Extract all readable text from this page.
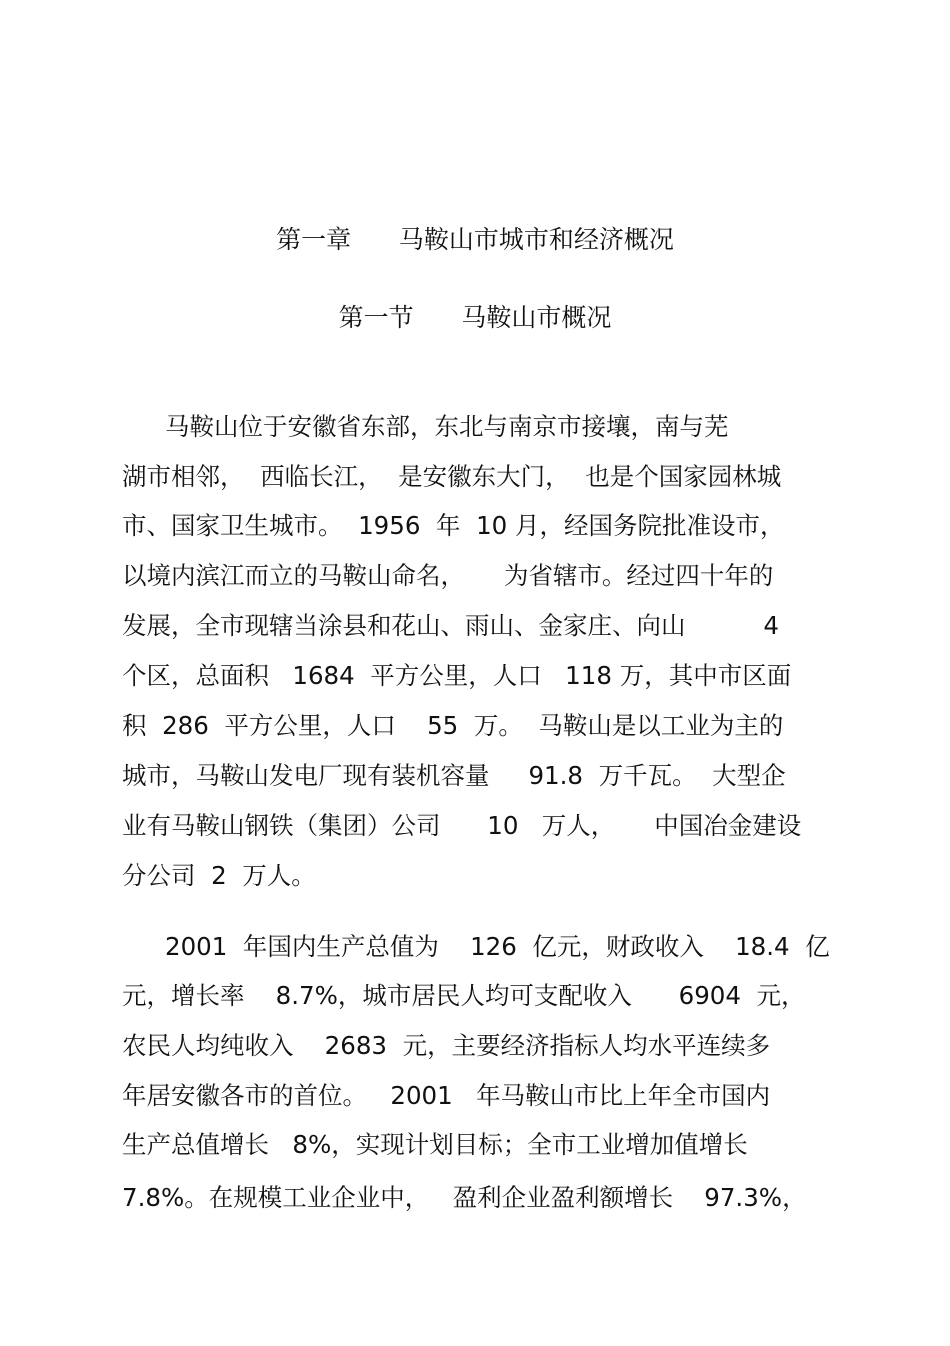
第一章      马鞍山市城市和经济概况
第一节      马鞍山市概况

马鞍山位于安徽省东部，东北与南京市接壤，南与芜

湖市相邻，  西临长江，  是安徽东大门，  也是个国家园林城

市、国家卫生城市。  1956  年  10 月，经国务院批准设市，

以境内滨江而立的马鞍山命名，     为省辖市。经过四十年的

发展，全市现辖当涂县和花山、雨山、金家庄、向山          4

个区，总面积   1684  平方公里，人口   118 万，其中市区面

积  286  平方公里，人口    55  万。  马鞍山是以工业为主的

城市，马鞍山发电厂现有装机容量     91.8  万千瓦。  大型企

业有马鞍山钢铁（集团）公司      10   万人，     中国冶金建设

分公司  2  万人。

2001  年国内生产总值为    126  亿元，财政收入    18.4  亿

元，增长率    8.7%，城市居民人均可支配收入      6904  元，

农民人均纯收入    2683  元，主要经济指标人均水平连续多

年居安徽各市的首位。   2001   年马鞍山市比上年全市国内

生产总值增长   8%，实现计划目标；全市工业增加值增长

7.8%。在规模工业企业中，   盈利企业盈利额增长    97.3%，
